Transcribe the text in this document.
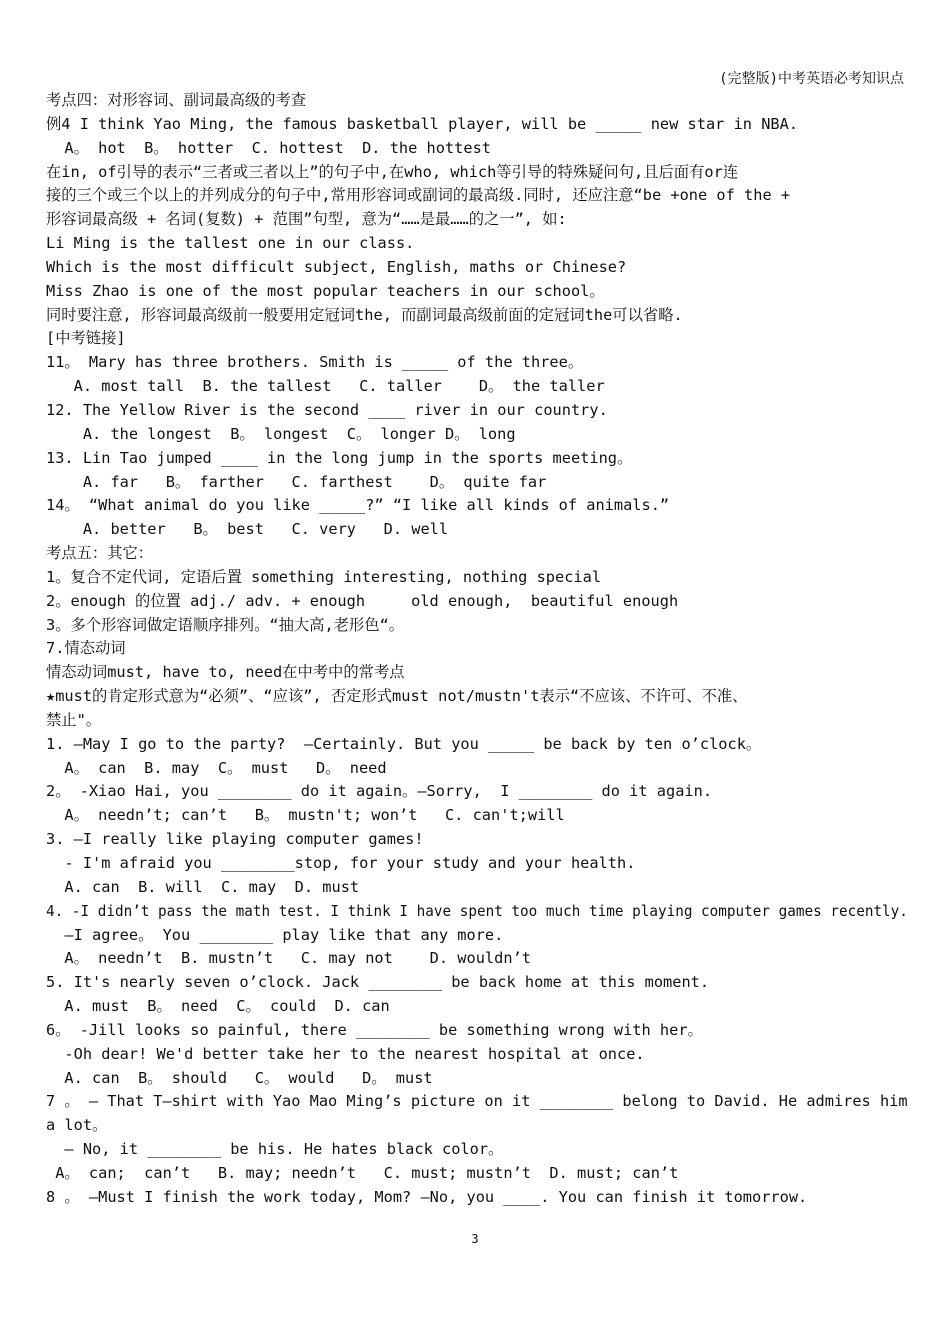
(完整版)中考英语必考知识点
考点四：对形容词、副词最高级的考查
例4 I think Yao Ming, the famous basketball player, will be _____ new star in NBA.
A。 hot  B。 hotter  C. hottest  D. the hottest
在in, of引导的表示“三者或三者以上”的句子中,在who, which等引导的特殊疑问句,且后面有or连
接的三个或三个以上的并列成分的句子中,常用形容词或副词的最高级.同时, 还应注意“be +one of the +
形容词最高级 + 名词(复数) + 范围”句型, 意为“……是最……的之一”, 如:
Li Ming is the tallest one in our class.
Which is the most difficult subject, English, maths or Chinese?
Miss Zhao is one of the most popular teachers in our school。
同时要注意, 形容词最高级前一般要用定冠词the, 而副词最高级前面的定冠词the可以省略.
[中考链接]
11。 Mary has three brothers. Smith is _____ of the three。
A. most tall  B. the tallest   C. taller    D。 the taller
12. The Yellow River is the second ____ river in our country.
A. the longest  B。 longest  C。 longer D。 long
13. Lin Tao jumped ____ in the long jump in the sports meeting。
A. far   B。 farther   C. farthest    D。 quite far
14。 “What animal do you like _____?” “I like all kinds of animals.”
A. better   B。 best   C. very   D. well
考点五：其它：
1。复合不定代词, 定语后置 something interesting, nothing special
2。enough 的位置 adj./ adv. + enough     old enough,  beautiful enough
3。多个形容词做定语顺序排列。“抽大高,老形色“。
7.情态动词
情态动词must, have to, need在中考中的常考点
★must的肯定形式意为“必须”、“应该”, 否定形式must not/mustn't表示“不应该、不许可、不准、
禁止"。
1. —May I go to the party?  —Certainly. But you _____ be back by ten o’clock。
A。 can  B. may  C。 must   D。 need
2。 -Xiao Hai, you ________ do it again。—Sorry,  I ________ do it again.
A。 needn’t; can’t   B。 mustn't; won’t   C. can't;will
3. —I really like playing computer games!
- I'm afraid you ________stop, for your study and your health.
A. can  B. will  C. may  D. must
4. -I didn’t pass the math test. I think I have spent too much time playing computer games recently.
—I agree。 You ________ play like that any more.
A。 needn’t  B. mustn’t   C. may not    D. wouldn’t
5. It's nearly seven o’clock. Jack ________ be back home at this moment.
A. must  B。 need  C。 could  D. can
6。 -Jill looks so painful, there ________ be something wrong with her。
-Oh dear! We'd better take her to the nearest hospital at once.
A. can  B。 should   C。 would   D。 must
7 。 — That T—shirt with Yao Mao Ming’s picture on it ________ belong to David. He admires him
a lot。
— No, it ________ be his. He hates black color。
A。 can;  can’t   B. may; needn’t   C. must; mustn’t  D. must; can’t
8 。 —Must I finish the work today, Mom? —No, you ____. You can finish it tomorrow.
3
